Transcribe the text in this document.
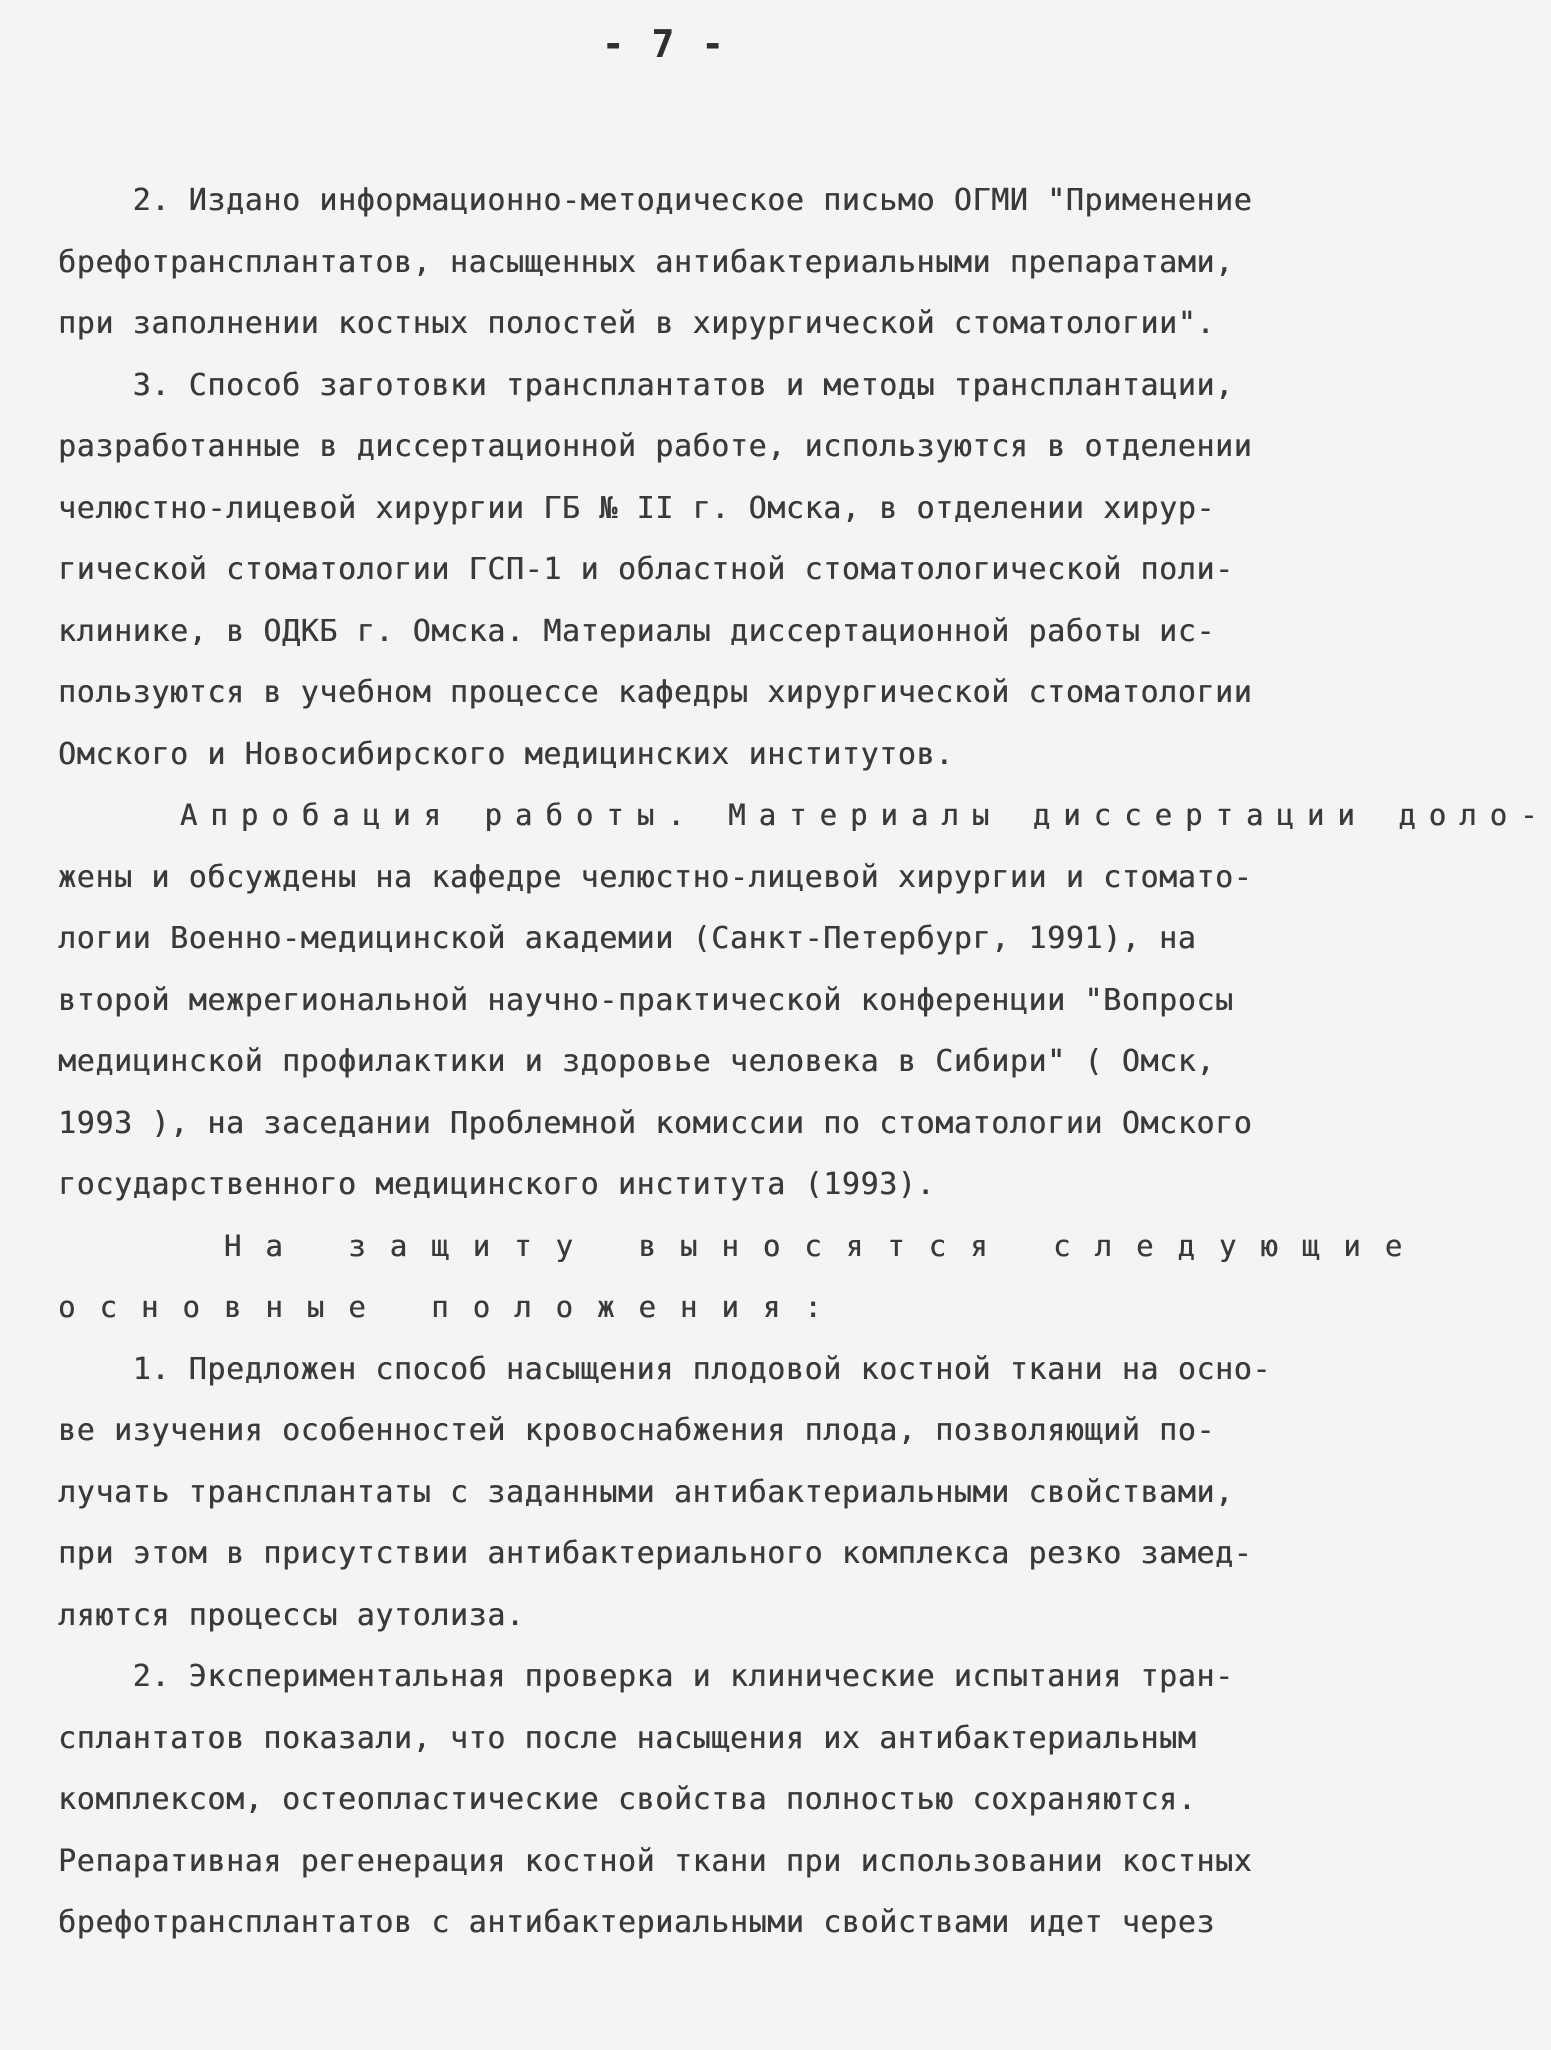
- 7 -
2. Издано информационно-методическое письмо ОГМИ "Применение
брефотрансплантатов, насыщенных антибактериальными препаратами,
при заполнении костных полостей в хирургической стоматологии".
3. Способ заготовки трансплантатов и методы трансплантации,
разработанные в диссертационной работе, используются в отделении
челюстно-лицевой хирургии ГБ № II г. Омска, в отделении хирур-
гической стоматологии ГСП-1 и областной стоматологической поли-
клинике, в ОДКБ г. Омска. Материалы диссертационной работы ис-
пользуются в учебном процессе кафедры хирургической стоматологии
Омского и Новосибирского медицинских институтов.
Апробация работы. Материалы диссертации доло-
жены и обсуждены на кафедре челюстно-лицевой хирургии и стомато-
логии Военно-медицинской академии (Санкт-Петербург, 1991), на
второй межрегиональной научно-практической конференции "Вопросы
медицинской профилактики и здоровье человека в Сибири" ( Омск,
1993 ), на заседании Проблемной комиссии по стоматологии Омского
государственного медицинского института (1993).
На защиту выносятся следующие
основные положения:
1. Предложен способ насыщения плодовой костной ткани на осно-
ве изучения особенностей кровоснабжения плода, позволяющий по-
лучать трансплантаты с заданными антибактериальными свойствами,
при этом в присутствии антибактериального комплекса резко замед-
ляются процессы аутолиза.
2. Экспериментальная проверка и клинические испытания тран-
сплантатов показали, что после насыщения их антибактериальным
комплексом, остеопластические свойства полностью сохраняются.
Репаративная регенерация костной ткани при использовании костных
брефотрансплантатов с антибактериальными свойствами идет через
